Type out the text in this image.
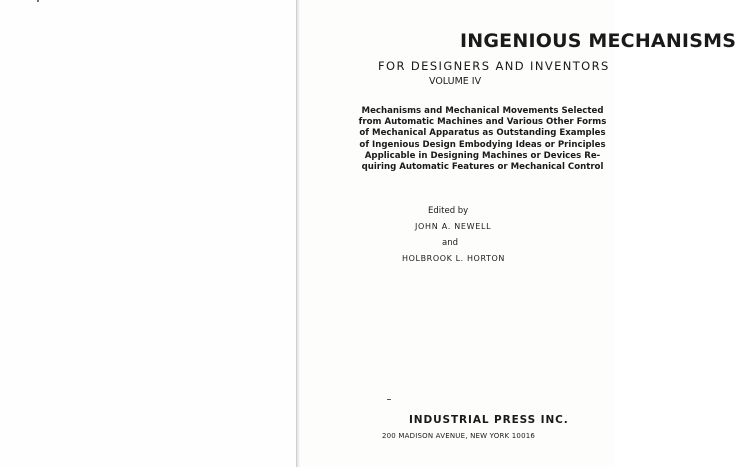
INGENIOUS MECHANISMS
FOR DESIGNERS AND INVENTORS
VOLUME IV
Mechanisms and Mechanical Movements Selected
from Automatic Machines and Various Other Forms
of Mechanical Apparatus as Outstanding Examples
of Ingenious Design Embodying Ideas or Principles
Applicable in Designing Machines or Devices Re-
quiring Automatic Features or Mechanical Control
Edited by
JOHN A. NEWELL
and
HOLBROOK L. HORTON
INDUSTRIAL PRESS INC.
200 MADISON AVENUE, NEW YORK 10016
